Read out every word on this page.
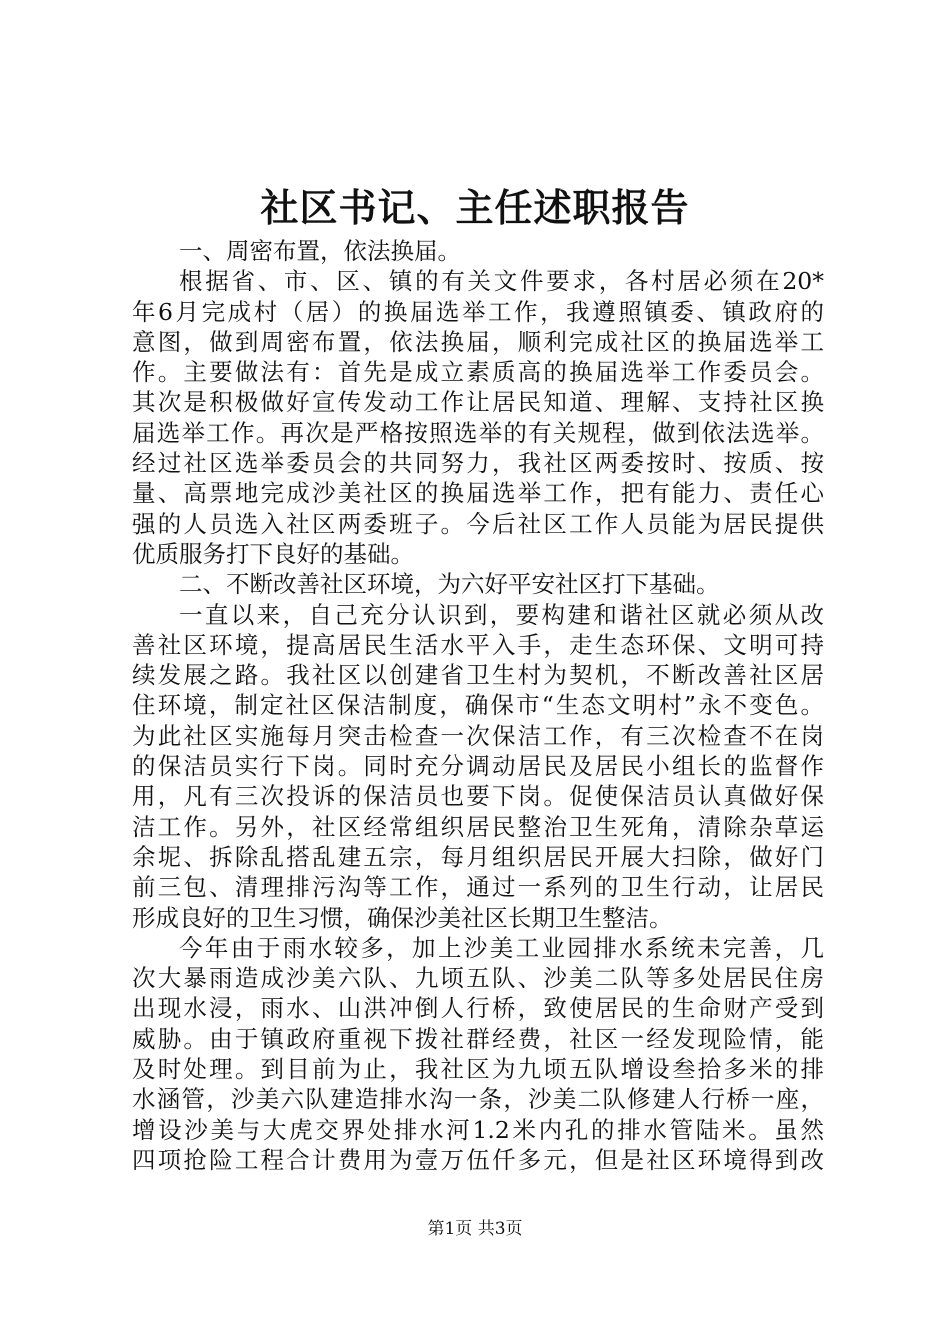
社区书记、主任述职报告
一、周密布置，依法换届。
根据省、市、区、镇的有关文件要求，各村居必须在20*
年6月完成村（居）的换届选举工作，我遵照镇委、镇政府的
意图，做到周密布置，依法换届，顺利完成社区的换届选举工
作。主要做法有：首先是成立素质高的换届选举工作委员会。
其次是积极做好宣传发动工作让居民知道、理解、支持社区换
届选举工作。再次是严格按照选举的有关规程，做到依法选举。
经过社区选举委员会的共同努力，我社区两委按时、按质、按
量、高票地完成沙美社区的换届选举工作，把有能力、责任心
强的人员选入社区两委班子。今后社区工作人员能为居民提供
优质服务打下良好的基础。
二、不断改善社区环境，为六好平安社区打下基础。
一直以来，自己充分认识到，要构建和谐社区就必须从改
善社区环境，提高居民生活水平入手，走生态环保、文明可持
续发展之路。我社区以创建省卫生村为契机，不断改善社区居
住环境，制定社区保洁制度，确保市“生态文明村”永不变色。
为此社区实施每月突击检查一次保洁工作，有三次检查不在岗
的保洁员实行下岗。同时充分调动居民及居民小组长的监督作
用，凡有三次投诉的保洁员也要下岗。促使保洁员认真做好保
洁工作。另外，社区经常组织居民整治卫生死角，清除杂草运
余坭、拆除乱搭乱建五宗，每月组织居民开展大扫除，做好门
前三包、清理排污沟等工作，通过一系列的卫生行动，让居民
形成良好的卫生习惯，确保沙美社区长期卫生整洁。
今年由于雨水较多，加上沙美工业园排水系统未完善，几
次大暴雨造成沙美六队、九顷五队、沙美二队等多处居民住房
出现水浸，雨水、山洪冲倒人行桥，致使居民的生命财产受到
威胁。由于镇政府重视下拨社群经费，社区一经发现险情，能
及时处理。到目前为止，我社区为九顷五队增设叁拾多米的排
水涵管，沙美六队建造排水沟一条，沙美二队修建人行桥一座，
增设沙美与大虎交界处排水河1.2米内孔的排水管陆米。虽然
四项抢险工程合计费用为壹万伍仟多元，但是社区环境得到改
第1页 共3页
